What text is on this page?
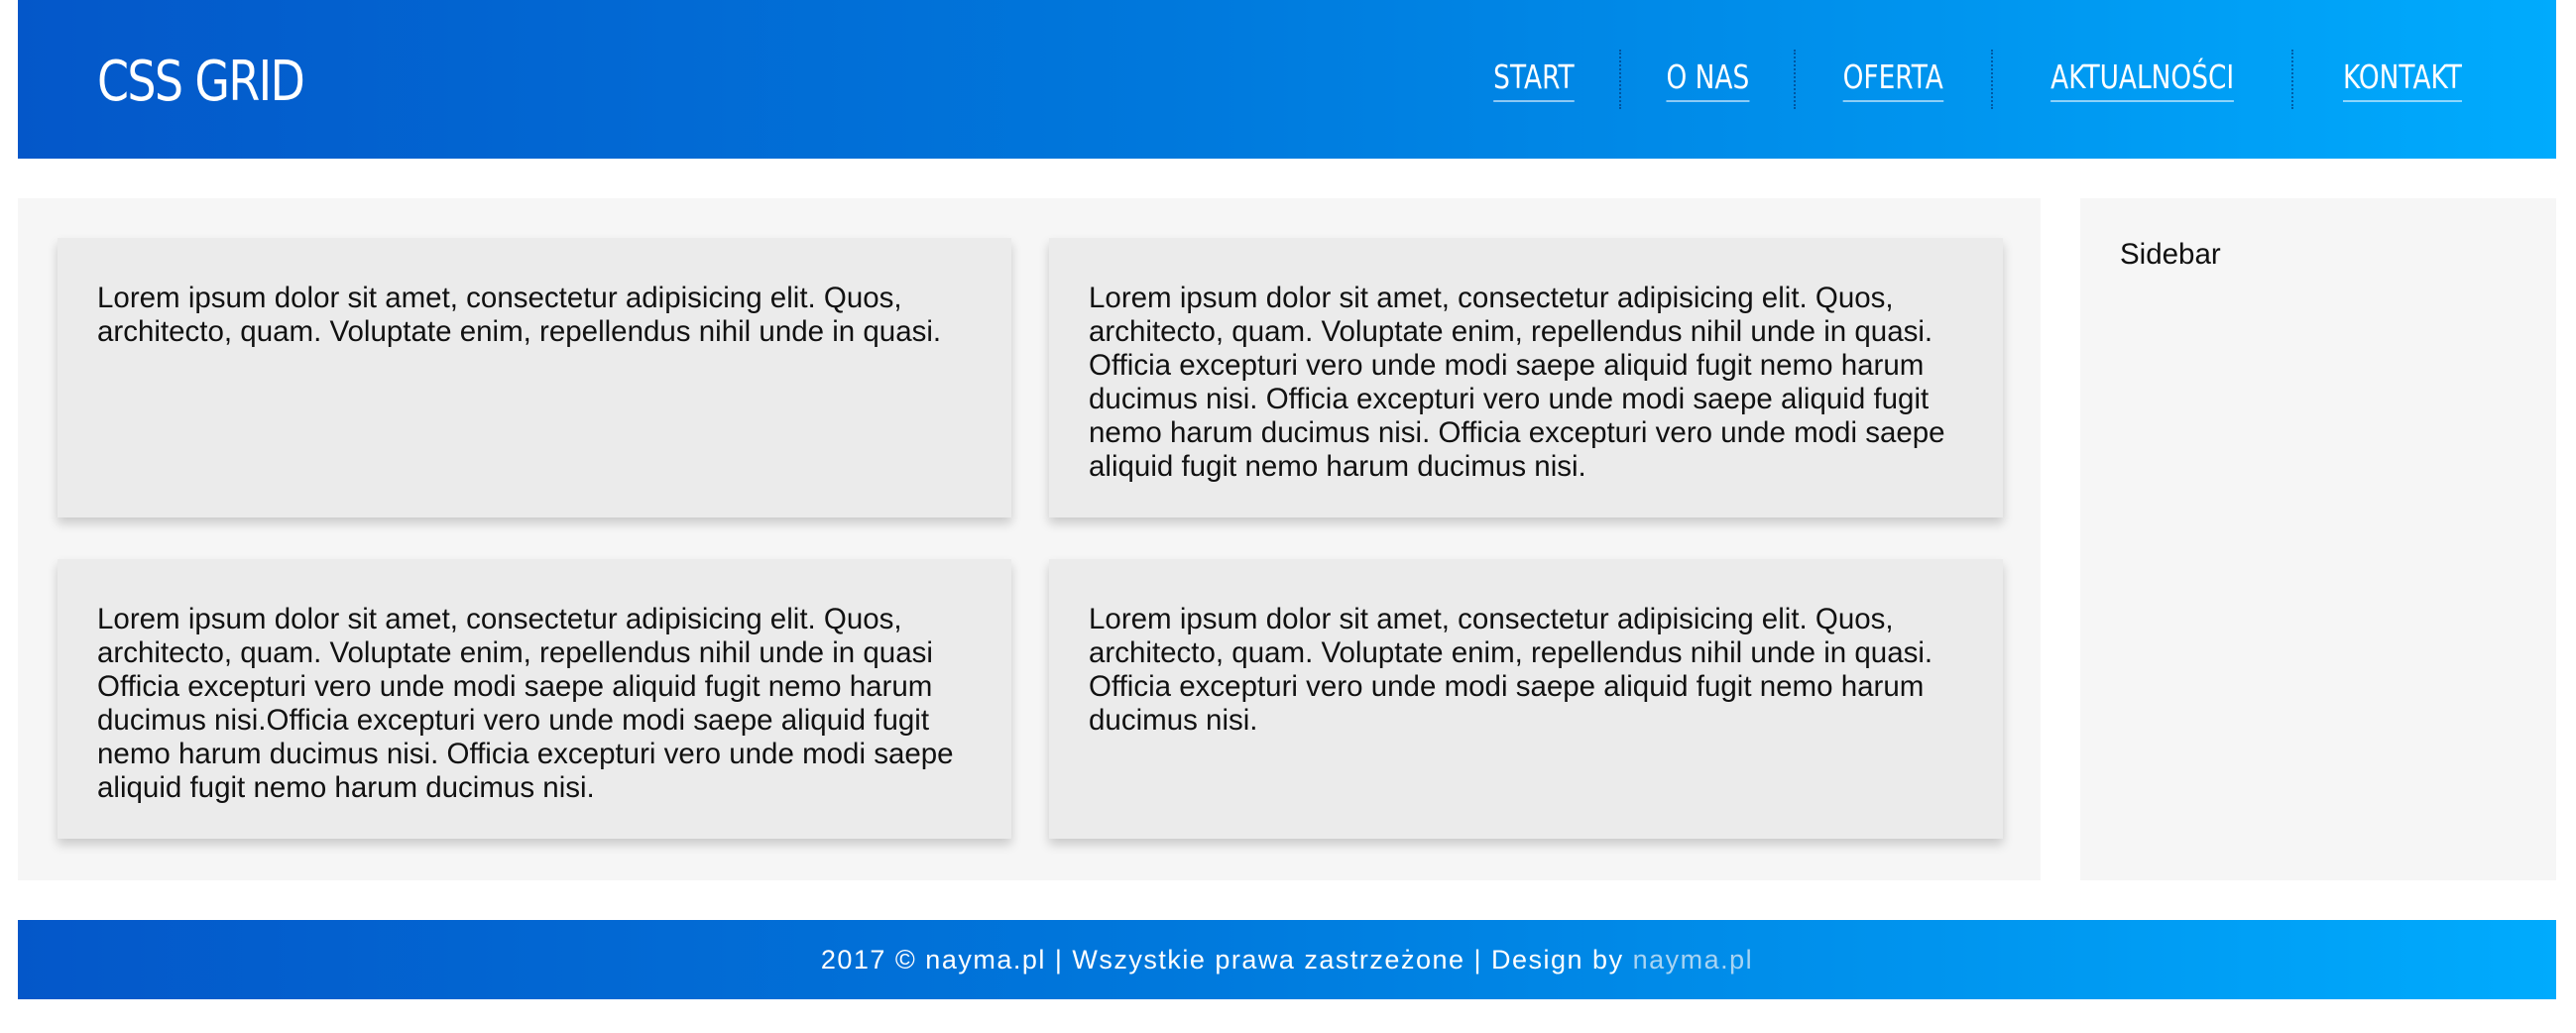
CSS GRID	START	O NAS	OFERTA	AKTUALNOŚCI	KONTAKT

Lorem ipsum dolor sit amet, consectetur adipisicing elit. Quos, architecto, quam. Voluptate enim, repellendus nihil unde in quasi.

Lorem ipsum dolor sit amet, consectetur adipisicing elit. Quos, architecto, quam. Voluptate enim, repellendus nihil unde in quasi. Officia excepturi vero unde modi saepe aliquid fugit nemo harum ducimus nisi. Officia excepturi vero unde modi saepe aliquid fugit nemo harum ducimus nisi. Officia excepturi vero unde modi saepe aliquid fugit nemo harum ducimus nisi.

Lorem ipsum dolor sit amet, consectetur adipisicing elit. Quos, architecto, quam. Voluptate enim, repellendus nihil unde in quasi Officia excepturi vero unde modi saepe aliquid fugit nemo harum ducimus nisi.Officia excepturi vero unde modi saepe aliquid fugit nemo harum ducimus nisi. Officia excepturi vero unde modi saepe aliquid fugit nemo harum ducimus nisi.

Lorem ipsum dolor sit amet, consectetur adipisicing elit. Quos, architecto, quam. Voluptate enim, repellendus nihil unde in quasi. Officia excepturi vero unde modi saepe aliquid fugit nemo harum ducimus nisi.

Sidebar

2017 © nayma.pl | Wszystkie prawa zastrzeżone | Design by nayma.pl
